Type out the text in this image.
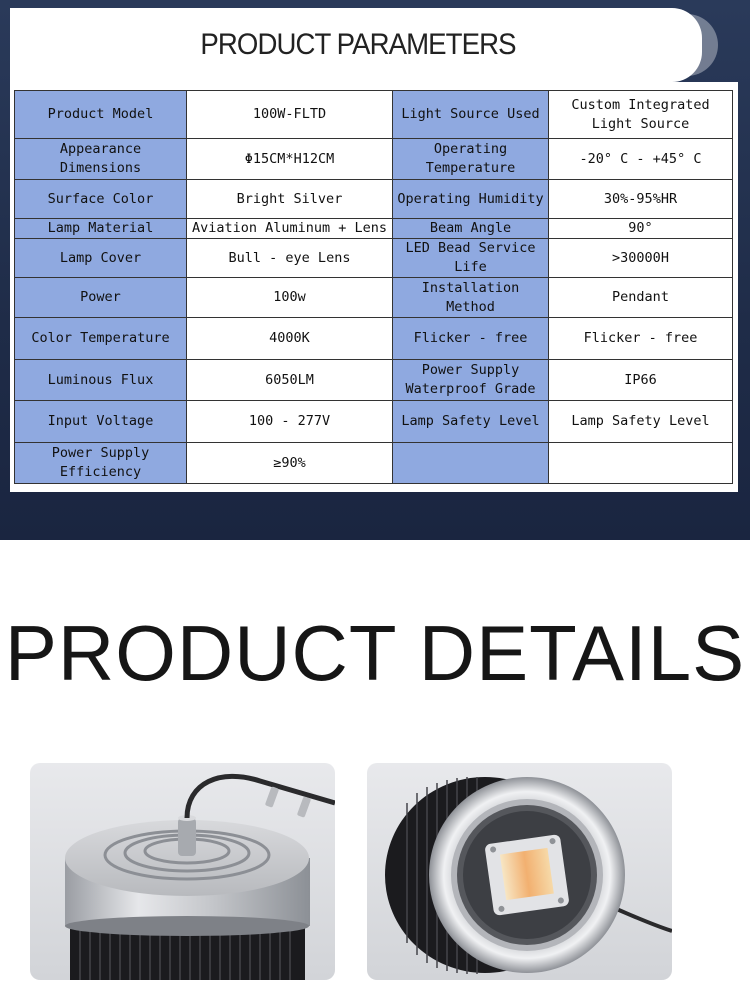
PRODUCT PARAMETERS
Product Model	100W-FLTD	Light Source Used	Custom Integrated Light Source
Appearance Dimensions	Φ15CM*H12CM	Operating Temperature	-20° C - +45° C
Surface Color	Bright Silver	Operating Humidity	30%-95%HR
Lamp Material	Aviation Aluminum + Lens	Beam Angle	90°
Lamp Cover	Bull - eye Lens	LED Bead Service Life	>30000H
Power	100w	Installation Method	Pendant
Color Temperature	4000K	Flicker - free	Flicker - free
Luminous Flux	6050LM	Power Supply Waterproof Grade	IP66
Input Voltage	100 - 277V	Lamp Safety Level	Lamp Safety Level
Power Supply Efficiency	≥90%		
PRODUCT DETAILS
